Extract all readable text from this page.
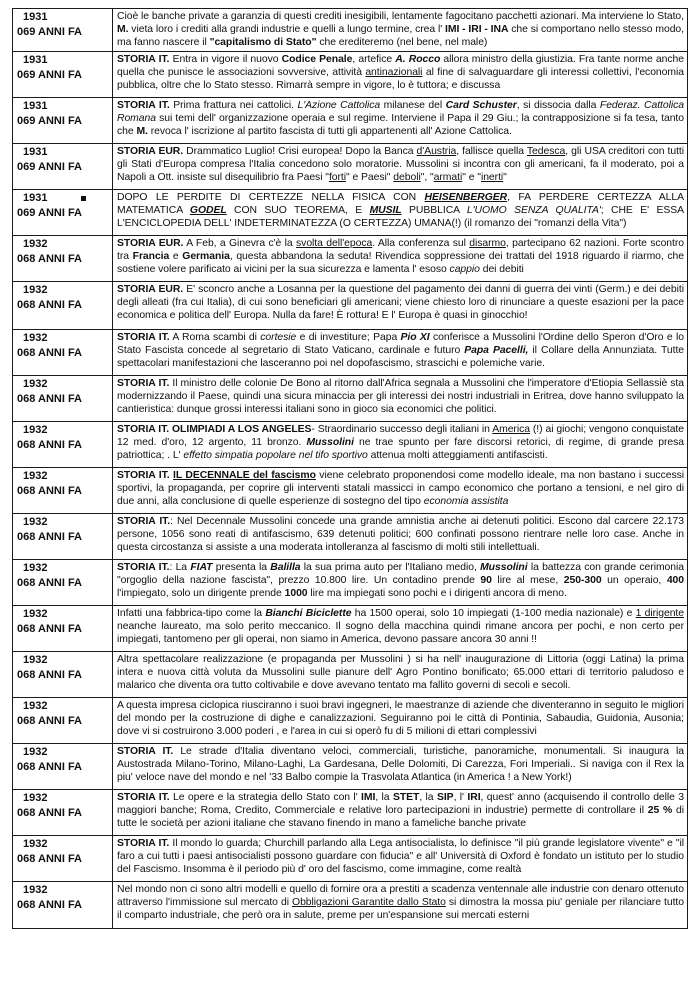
1931
069 ANNI FA	Cioè le banche private a garanzia di questi crediti inesigibili, lentamente fagocitano pacchetti azionari. Ma interviene lo Stato, M. vieta loro i crediti alla grandi industrie e quelli a lungo termine, crea l' IMI - IRI - INA che si comportano nello stesso modo, ma fanno nascere il "capitalismo di Stato" che erediteremo (nel bene, nel male)

1931
069 ANNI FA	STORIA IT. Entra in vigore il nuovo Codice Penale, artefice A. Rocco allora ministro della giustizia. Fra tante norme anche quella che punisce le associazioni sovversive, attività antinazionali al fine di salvaguardare gli interessi collettivi, l'economia pubblica, oltre che lo Stato stesso. Rimarrà sempre in vigore, lo è tuttora; e discussa

1931
069 ANNI FA	STORIA IT. Prima frattura nei cattolici. L'Azione Cattolica milanese del Card Schuster, si dissocia dalla Federaz. Cattolica Romana sui temi dell' organizzazione operaia e sul regime. Interviene il Papa il 29 Giu.; la contrapposizione si fa tesa, tanto che M. revoca l' iscrizione al partito fascista di tutti gli appartenenti all' Azione Cattolica.

1931
069 ANNI FA	STORIA EUR. Drammatico Luglio! Crisi europea! Dopo la Banca d'Austria, fallisce quella Tedesca, gli USA creditori con tutti gli Stati d'Europa compresa l'Italia concedono solo moratorie. Mussolini si incontra con gli americani, fa il moderato, poi a Napoli a Ott. insiste sul disequilibrio fra Paesi "forti" e Paesi" deboli", "armati" e "inerti"

1931
069 ANNI FA	DOPO LE PERDITE DI CERTEZZE NELLA FISICA CON HEISENBERGER, FA PERDERE CERTEZZA ALLA MATEMATICA GODEL CON SUO TEOREMA, E MUSIL PUBBLICA L'UOMO SENZA QUALITA'; CHE E' ESSA L'ENCICLOPEDIA DELL' INDETERMINATEZZA (O CERTEZZA) UMANA(!) (il romanzo dei "romanzi della Vita")

1932
068 ANNI FA	STORIA EUR. A Feb, a Ginevra c'è la svolta dell'epoca. Alla conferenza sul disarmo, partecipano 62 nazioni. Forte scontro tra Francia e Germania, questa abbandona la seduta! Rivendica soppressione dei trattati del 1918 riguardo il riarmo, che sostiene volere parificato ai vicini per la sua sicurezza e lamenta l' esoso cappio dei debiti

1932
068 ANNI FA	STORIA EUR. E' sconcro anche a Losanna per la questione del pagamento dei danni di guerra dei vinti (Germ.) e dei debiti degli alleati (fra cui Italia), di cui sono beneficiari gli americani; viene chiesto loro di rinunciare a queste esazioni per la pace economica e politica dell' Europa. Nulla da fare! È rottura! E l' Europa è quasi in ginocchio!

1932
068 ANNI FA	STORIA IT. A Roma scambi di cortesie e di investiture; Papa Pio XI conferisce a Mussolini l'Ordine dello Speron d'Oro e lo Stato Fascista concede al segretario di Stato Vaticano, cardinale e futuro Papa Pacelli, il Collare della Annunziata. Tutte spettacolari manifestazioni che lasceranno poi nel dopofascismo, strascichi e polemiche varie.

1932
068 ANNI FA	STORIA IT. Il ministro delle colonie De Bono al ritorno dall'Africa segnala a Mussolini che l'imperatore d'Etiopia Sellassiè sta modernizzando il Paese, quindi una sicura minaccia per gli interessi dei nostri industriali in Eritrea, dove hanno sviluppato la cantieristica: dunque grossi interessi italiani sono in gioco sia economici che politici.

1932
068 ANNI FA	STORIA IT. OLIMPIADI A LOS ANGELES- Straordinario successo degli italiani in America (!) ai giochi; vengono conquistate 12 med. d'oro, 12 argento, 11 bronzo. Mussolini ne trae spunto per fare discorsi retorici, di regime, di grande presa patriottica; . L' effetto simpatia popolare nel tifo sportivo attenua molti atteggiamenti antifascisti.

1932
068 ANNI FA	STORIA IT. IL DECENNALE del fascismo viene celebrato proponendosi come modello ideale, ma non bastano i successi sportivi, la propaganda, per coprire gli interventi statali massicci in campo economico che portano a tensioni, e nel giro di due anni, alla conclusione di quelle esperienze di sostegno del tipo economia assistita

1932
068 ANNI FA	STORIA IT.: Nel Decennale Mussolini concede una grande amnistia anche ai detenuti politici. Escono dal carcere 22.173 persone, 1056 sono reati di antifascismo, 639 detenuti politici; 600 confinati possono rientrare nelle loro case. Anche in questa circostanza si assiste a una moderata intolleranza al fascismo di molti stili intellettuali.

1932
068 ANNI FA	STORIA IT.: La FIAT presenta la Balilla la sua prima auto per l'Italiano medio, Mussolini la battezza con grande cerimonia "orgoglio della nazione fascista", prezzo 10.800 lire. Un contadino prende 90 lire al mese, 250-300 un operaio, 400 l'impiegato, solo un dirigente prende 1000 lire ma impiegati sono pochi e i dirigenti ancora di meno.

1932
068 ANNI FA	Infatti una fabbrica-tipo come la Bianchi Biciclette ha 1500 operai, solo 10 impiegati (1-100 media nazionale) e 1 dirigente neanche laureato, ma solo perito meccanico. Il sogno della macchina quindi rimane ancora per pochi, e non certo per impiegati, tantomeno per gli operai, non siamo in America, devono passare ancora 30 anni !!

1932
068 ANNI FA	Altra spettacolare realizzazione (e propaganda per Mussolini ) si ha nell' inaugurazione di Littoria (oggi Latina) la prima intera e nuova città voluta da Mussolini sulle pianure dell' Agro Pontino bonificato; 65.000 ettari di territorio paludoso e malarico che diventa ora tutto coltivabile e dove avevano tentato ma fallito governi di secoli e secoli.

1932
068 ANNI FA	A questa impresa ciclopica riusciranno i suoi bravi ingegneri, le maestranze di aziende che diventeranno in seguito le migliori del mondo per la costruzione di dighe e canalizzazioni. Seguiranno poi le città di Pontinia, Sabaudia, Guidonia, Ausonia; dove vi si costruirono 3.000 poderi , e l'area in cui si operò fu di 5 milioni di ettari complessivi

1932
068 ANNI FA	STORIA IT. Le strade d'Italia diventano veloci, commerciali, turistiche, panoramiche, monumentali. Si inaugura la Austostrada Milano-Torino, Milano-Laghi, La Gardesana, Delle Dolomiti, Di Carezza, Fori Imperiali.. Si naviga con il Rex la piu' veloce nave del mondo e nel '33 Balbo compie la Trasvolata Atlantica (in America ! a New York!)

1932
068 ANNI FA	STORIA IT. Le opere e la strategia dello Stato con l' IMI, la STET, la SIP, l' IRI, quest' anno (acquisendo il controllo delle 3 maggiori banche; Roma, Credito, Commerciale e relative loro partecipazioni in industrie) permette di controllare il 25 % di tutte le società per azioni italiane che stavano finendo in mano a fameliche banche private

1932
068 ANNI FA	STORIA IT. Il mondo lo guarda; Churchill parlando alla Lega antisocialista, lo definisce "il più grande legislatore vivente" e "il faro a cui tutti i paesi antisocialisti possono guardare con fiducia" e all' Università di Oxford è fondato un istituto per lo studio del Fascismo. Insomma è il periodo più d' oro del fascismo, come immagine, come realtà

1932
068 ANNI FA	Nel mondo non ci sono altri modelli e quello di fornire ora a prestiti a scadenza ventennale alle industrie con denaro ottenuto attraverso l'immissione sul mercato di Obbligazioni Garantite dallo Stato si dimostra la mossa piu' geniale per rilanciare tutto il comparto industriale, che però ora in salute, preme per un'espansione sui mercati esterni
